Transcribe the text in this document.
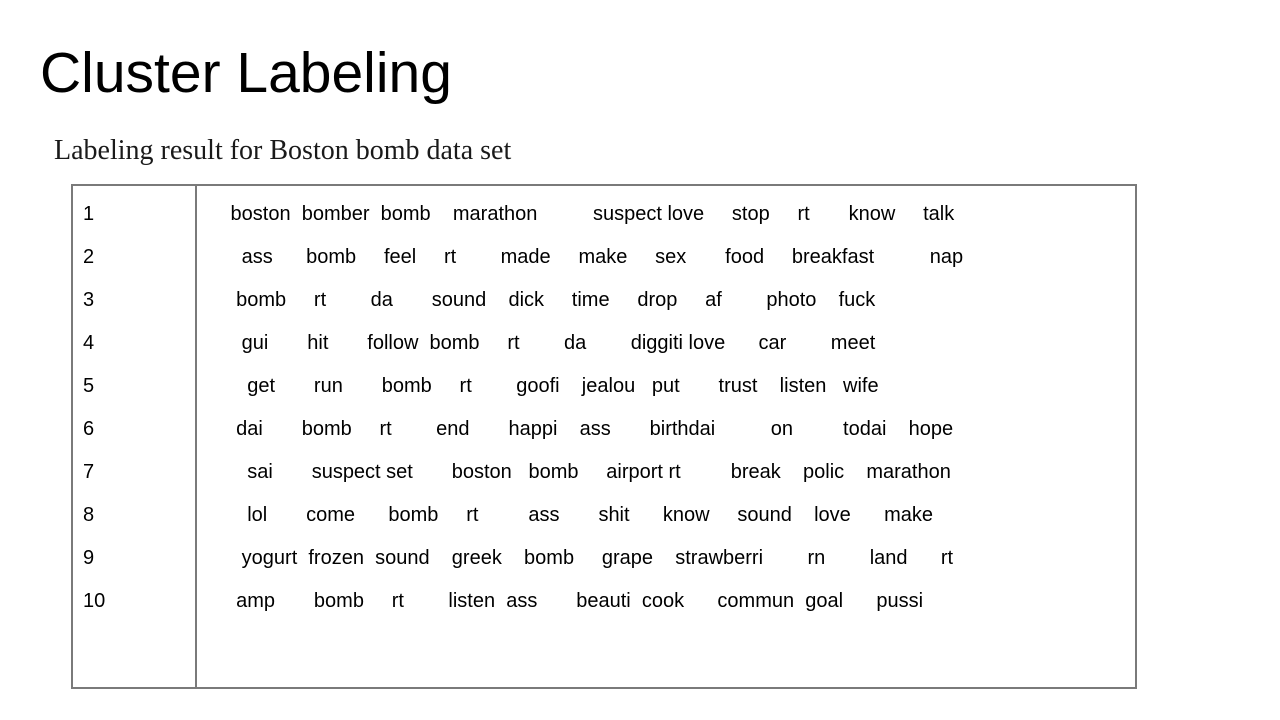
Cluster Labeling
Labeling result for Boston bomb data set
1
2
3
4
5
6
7
8
9
10
boston  bomber  bomb    marathon          suspect love     stop     rt       know     talk
ass      bomb     feel     rt        made     make     sex       food     breakfast          nap
bomb     rt        da       sound    dick     time     drop     af        photo    fuck
gui       hit       follow  bomb     rt        da        diggiti love      car        meet
get       run       bomb     rt        goofi    jealou   put       trust    listen   wife
dai       bomb     rt        end       happi    ass       birthdai          on         todai    hope
sai       suspect set       boston   bomb     airport rt         break    polic    marathon
lol       come      bomb     rt         ass       shit      know     sound    love      make
yogurt  frozen  sound    greek    bomb     grape    strawberri        rn        land      rt
amp       bomb     rt        listen  ass       beauti  cook      commun  goal      pussi
